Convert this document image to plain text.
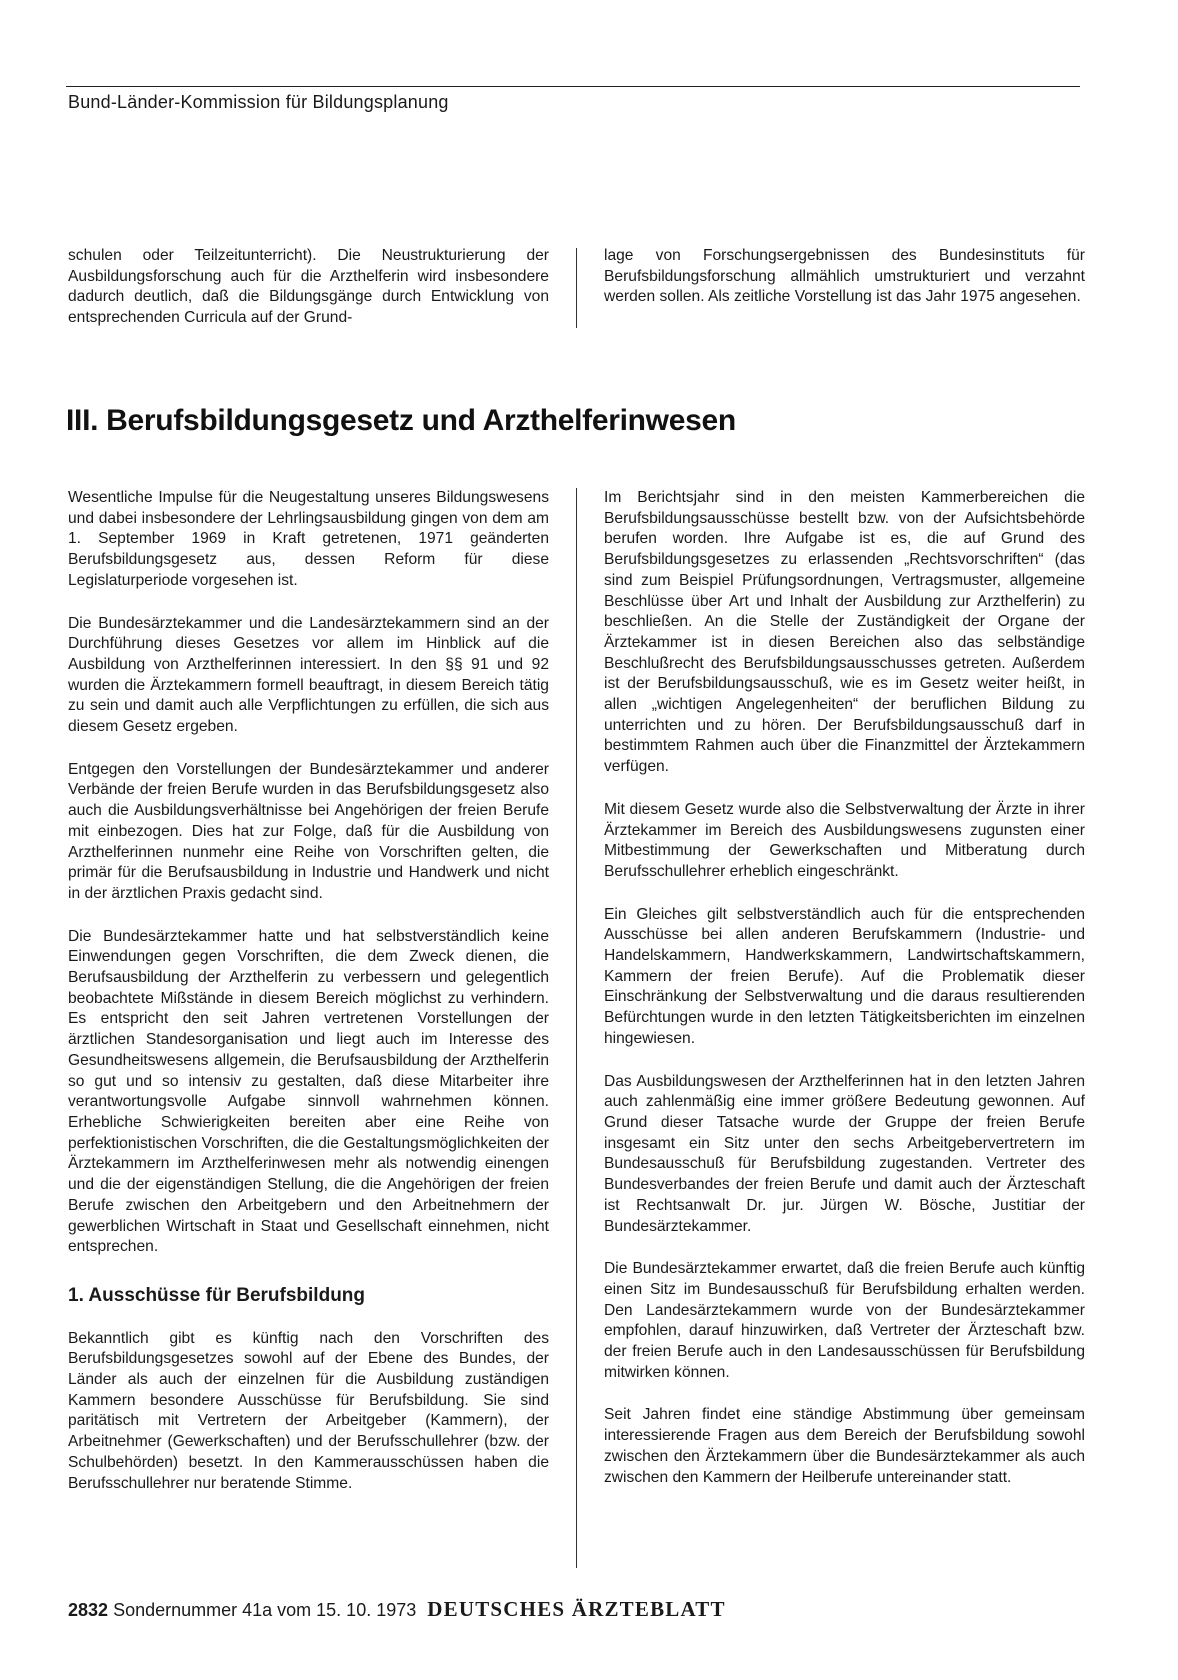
Bund-Länder-Kommission für Bildungsplanung

schulen oder Teilzeitunterricht). Die Neustrukturierung der Ausbildungsforschung auch für die Arzthelferin wird insbesondere dadurch deutlich, daß die Bildungsgänge durch Entwicklung von entsprechenden Curricula auf der Grund-

lage von Forschungsergebnissen des Bundesinstituts für Berufsbildungsforschung allmählich umstrukturiert und verzahnt werden sollen. Als zeitliche Vorstellung ist das Jahr 1975 angesehen.

III. Berufsbildungsgesetz und Arzthelferinwesen

Wesentliche Impulse für die Neugestaltung unseres Bildungswesens und dabei insbesondere der Lehrlingsausbildung gingen von dem am 1. September 1969 in Kraft getretenen, 1971 geänderten Berufsbildungsgesetz aus, dessen Reform für diese Legislaturperiode vorgesehen ist.

Die Bundesärztekammer und die Landesärztekammern sind an der Durchführung dieses Gesetzes vor allem im Hinblick auf die Ausbildung von Arzthelferinnen interessiert. In den §§ 91 und 92 wurden die Ärztekammern formell beauftragt, in diesem Bereich tätig zu sein und damit auch alle Verpflichtungen zu erfüllen, die sich aus diesem Gesetz ergeben.

Entgegen den Vorstellungen der Bundesärztekammer und anderer Verbände der freien Berufe wurden in das Berufsbildungsgesetz also auch die Ausbildungsverhältnisse bei Angehörigen der freien Berufe mit einbezogen. Dies hat zur Folge, daß für die Ausbildung von Arzthelferinnen nunmehr eine Reihe von Vorschriften gelten, die primär für die Berufsausbildung in Industrie und Handwerk und nicht in der ärztlichen Praxis gedacht sind.

Die Bundesärztekammer hatte und hat selbstverständlich keine Einwendungen gegen Vorschriften, die dem Zweck dienen, die Berufsausbildung der Arzthelferin zu verbessern und gelegentlich beobachtete Mißstände in diesem Bereich möglichst zu verhindern. Es entspricht den seit Jahren vertretenen Vorstellungen der ärztlichen Standesorganisation und liegt auch im Interesse des Gesundheitswesens allgemein, die Berufsausbildung der Arzthelferin so gut und so intensiv zu gestalten, daß diese Mitarbeiter ihre verantwortungsvolle Aufgabe sinnvoll wahrnehmen können. Erhebliche Schwierigkeiten bereiten aber eine Reihe von perfektionistischen Vorschriften, die die Gestaltungsmöglichkeiten der Ärztekammern im Arzthelferinwesen mehr als notwendig einengen und die der eigenständigen Stellung, die die Angehörigen der freien Berufe zwischen den Arbeitgebern und den Arbeitnehmern der gewerblichen Wirtschaft in Staat und Gesellschaft einnehmen, nicht entsprechen.

1. Ausschüsse für Berufsbildung

Bekanntlich gibt es künftig nach den Vorschriften des Berufsbildungsgesetzes sowohl auf der Ebene des Bundes, der Länder als auch der einzelnen für die Ausbildung zuständigen Kammern besondere Ausschüsse für Berufsbildung. Sie sind paritätisch mit Vertretern der Arbeitgeber (Kammern), der Arbeitnehmer (Gewerkschaften) und der Berufsschullehrer (bzw. der Schulbehörden) besetzt. In den Kammerausschüssen haben die Berufsschullehrer nur beratende Stimme.

Im Berichtsjahr sind in den meisten Kammerbereichen die Berufsbildungsausschüsse bestellt bzw. von der Aufsichtsbehörde berufen worden. Ihre Aufgabe ist es, die auf Grund des Berufsbildungsgesetzes zu erlassenden „Rechtsvorschriften“ (das sind zum Beispiel Prüfungsordnungen, Vertragsmuster, allgemeine Beschlüsse über Art und Inhalt der Ausbildung zur Arzthelferin) zu beschließen. An die Stelle der Zuständigkeit der Organe der Ärztekammer ist in diesen Bereichen also das selbständige Beschlußrecht des Berufsbildungsausschusses getreten. Außerdem ist der Berufsbildungsausschuß, wie es im Gesetz weiter heißt, in allen „wichtigen Angelegenheiten“ der beruflichen Bildung zu unterrichten und zu hören. Der Berufsbildungsausschuß darf in bestimmtem Rahmen auch über die Finanzmittel der Ärztekammern verfügen.

Mit diesem Gesetz wurde also die Selbstverwaltung der Ärzte in ihrer Ärztekammer im Bereich des Ausbildungswesens zugunsten einer Mitbestimmung der Gewerkschaften und Mitberatung durch Berufsschullehrer erheblich eingeschränkt.

Ein Gleiches gilt selbstverständlich auch für die entsprechenden Ausschüsse bei allen anderen Berufskammern (Industrie- und Handelskammern, Handwerkskammern, Landwirtschaftskammern, Kammern der freien Berufe). Auf die Problematik dieser Einschränkung der Selbstverwaltung und die daraus resultierenden Befürchtungen wurde in den letzten Tätigkeitsberichten im einzelnen hingewiesen.

Das Ausbildungswesen der Arzthelferinnen hat in den letzten Jahren auch zahlenmäßig eine immer größere Bedeutung gewonnen. Auf Grund dieser Tatsache wurde der Gruppe der freien Berufe insgesamt ein Sitz unter den sechs Arbeitgebervertretern im Bundesausschuß für Berufsbildung zugestanden. Vertreter des Bundesverbandes der freien Berufe und damit auch der Ärzteschaft ist Rechtsanwalt Dr. jur. Jürgen W. Bösche, Justitiar der Bundesärztekammer.

Die Bundesärztekammer erwartet, daß die freien Berufe auch künftig einen Sitz im Bundesausschuß für Berufsbildung erhalten werden. Den Landesärztekammern wurde von der Bundesärztekammer empfohlen, darauf hinzuwirken, daß Vertreter der Ärzteschaft bzw. der freien Berufe auch in den Landesausschüssen für Berufsbildung mitwirken können.

Seit Jahren findet eine ständige Abstimmung über gemeinsam interessierende Fragen aus dem Bereich der Berufsbildung sowohl zwischen den Ärztekammern über die Bundesärztekammer als auch zwischen den Kammern der Heilberufe untereinander statt.

2832 Sondernummer 41a vom 15. 10. 1973 DEUTSCHES ÄRZTEBLATT
